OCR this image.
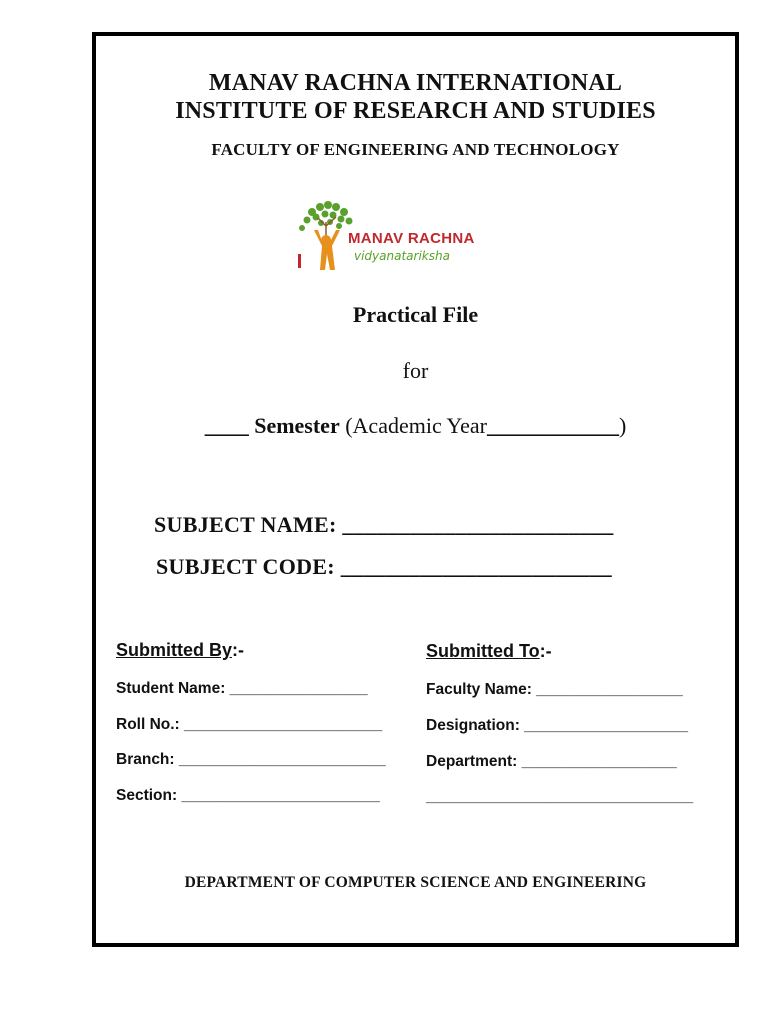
MANAV RACHNA INTERNATIONAL
INSTITUTE OF RESEARCH AND STUDIES
FACULTY OF ENGINEERING AND TECHNOLOGY
MANAV RACHNA
vidyanatariksha
Practical File
for
____ Semester (Academic Year____________)
SUBJECT NAME: ________________________
SUBJECT CODE: ________________________
Submitted By:-
Student Name: ________________
Roll No.: _______________________
Branch: ________________________
Section: _______________________
Submitted To:-
Faculty Name: _________________
Designation: ___________________
Department: __________________
_______________________________
DEPARTMENT OF COMPUTER SCIENCE AND ENGINEERING
